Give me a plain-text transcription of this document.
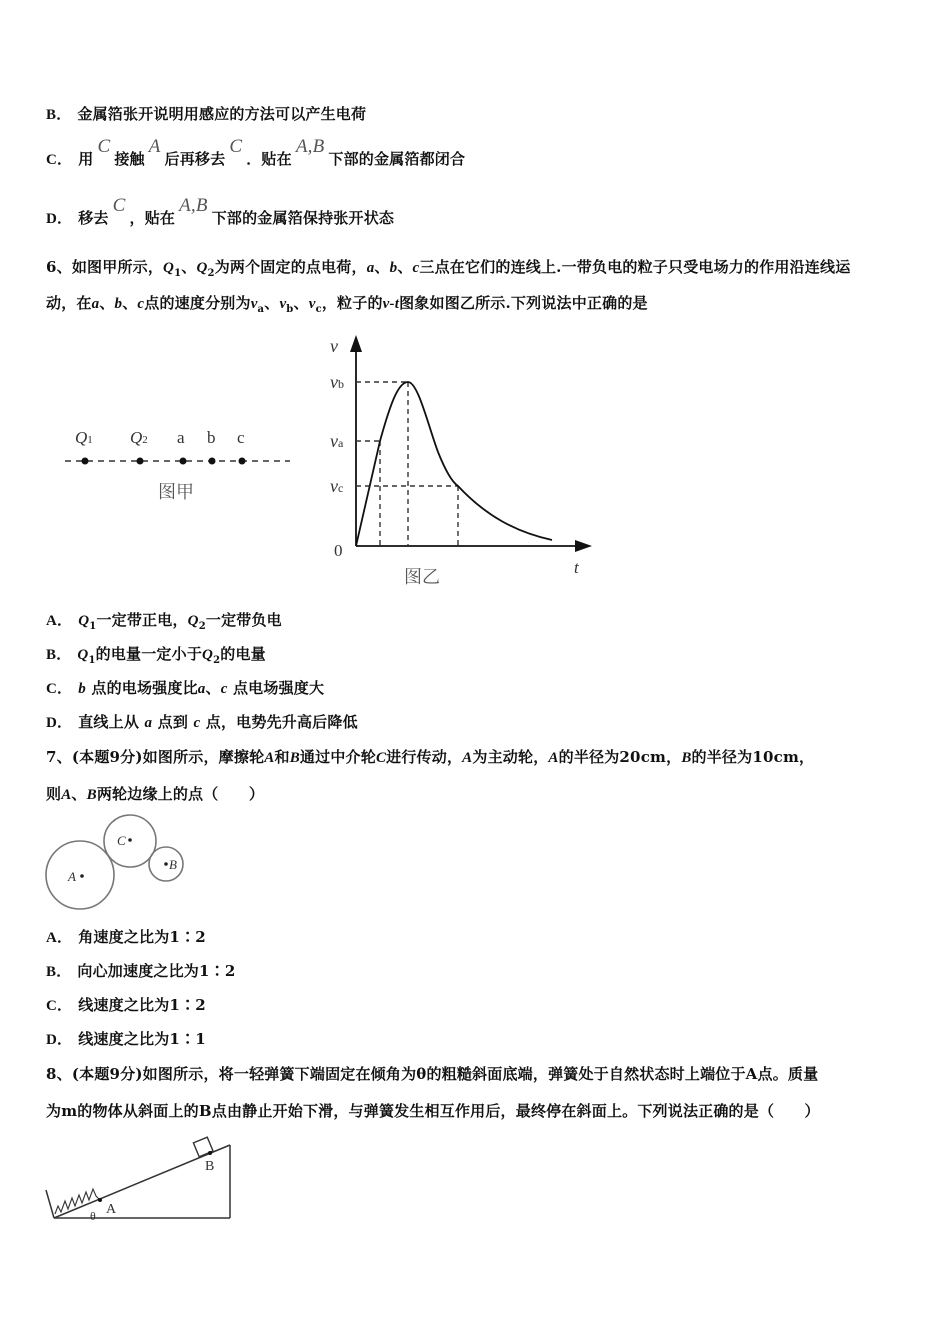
B． 金属箔张开说明用感应的方法可以产生电荷
C． 用C接触A后再移去C．贴在A,B下部的金属箔都闭合
D． 移去C，贴在A,B下部的金属箔保持张开状态
6、如图甲所示，$Q_1$、$Q_2$为两个固定的点电荷，a、b、c三点在它们的连线上.一带负电的粒子只受电场力的作用沿连线运
动，在a、b、c点的速度分别为$v_a$、$v_b$、$v_c$，粒子的v-t图象如图乙所示.下列说法中正确的是
Q1 Q2 a b c
图甲
v
vb
va
vc
0
t
图乙
A． $Q_1$一定带正电，$Q_2$一定带负电
B． $Q_1$的电量一定小于$Q_2$的电量
C． b 点的电场强度比a、c 点电场强度大
D． 直线上从 a 点到 c 点，电势先升高后降低
7、(本题9分)如图所示，摩擦轮A和B通过中介轮C进行传动，A为主动轮，A的半径为20cm，B的半径为10cm，
则A、B两轮边缘上的点（　　）
A
C
B
A． 角速度之比为1∶2
B． 向心加速度之比为1∶2
C． 线速度之比为1∶2
D． 线速度之比为1∶1
8、(本题9分)如图所示，将一轻弹簧下端固定在倾角为θ的粗糙斜面底端，弹簧处于自然状态时上端位于A点。质量
为m的物体从斜面上的B点由静止开始下滑，与弹簧发生相互作用后，最终停在斜面上。下列说法正确的是（　　）
A
B
θ
